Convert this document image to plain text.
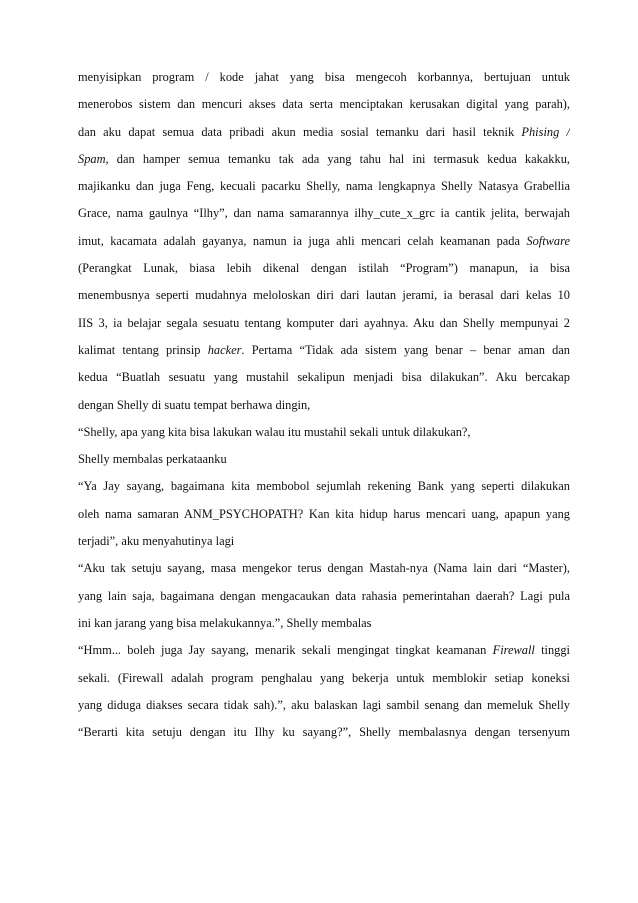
menyisipkan program / kode jahat yang bisa mengecoh korbannya, bertujuan untuk
menerobos sistem dan mencuri akses data serta menciptakan kerusakan digital yang parah),
dan aku dapat semua data pribadi akun media sosial temanku dari hasil teknik Phising /
Spam, dan hamper semua temanku tak ada yang tahu hal ini termasuk kedua kakakku,
majikanku dan juga Feng, kecuali pacarku Shelly, nama lengkapnya Shelly Natasya Grabellia
Grace, nama gaulnya “Ilhy”, dan nama samarannya ilhy_cute_x_grc ia cantik jelita, berwajah
imut, kacamata adalah gayanya, namun ia juga ahli mencari celah keamanan pada Software
(Perangkat Lunak, biasa lebih dikenal dengan istilah “Program”) manapun, ia bisa
menembusnya seperti mudahnya meloloskan diri dari lautan jerami, ia berasal dari kelas 10
IIS 3, ia belajar segala sesuatu tentang komputer dari ayahnya. Aku dan Shelly mempunyai 2
kalimat tentang prinsip hacker. Pertama “Tidak ada sistem yang benar – benar aman dan
kedua “Buatlah sesuatu yang mustahil sekalipun menjadi bisa dilakukan”. Aku bercakap
dengan Shelly di suatu tempat berhawa dingin,
“Shelly, apa yang kita bisa lakukan walau itu mustahil sekali untuk dilakukan?,
Shelly membalas perkataanku
“Ya Jay sayang, bagaimana kita membobol sejumlah rekening Bank yang seperti dilakukan
oleh nama samaran ANM_PSYCHOPATH? Kan kita hidup harus mencari uang, apapun yang
terjadi”, aku menyahutinya lagi
“Aku tak setuju sayang, masa mengekor terus dengan Mastah-nya (Nama lain dari “Master),
yang lain saja, bagaimana dengan mengacaukan data rahasia pemerintahan daerah? Lagi pula
ini kan jarang yang bisa melakukannya.”, Shelly membalas
“Hmm... boleh juga Jay sayang, menarik sekali mengingat tingkat keamanan Firewall tinggi
sekali. (Firewall adalah program penghalau yang bekerja untuk memblokir setiap koneksi
yang diduga diakses secara tidak sah).”, aku balaskan lagi sambil senang dan memeluk Shelly
“Berarti kita setuju dengan itu Ilhy ku sayang?”, Shelly membalasnya dengan tersenyum
